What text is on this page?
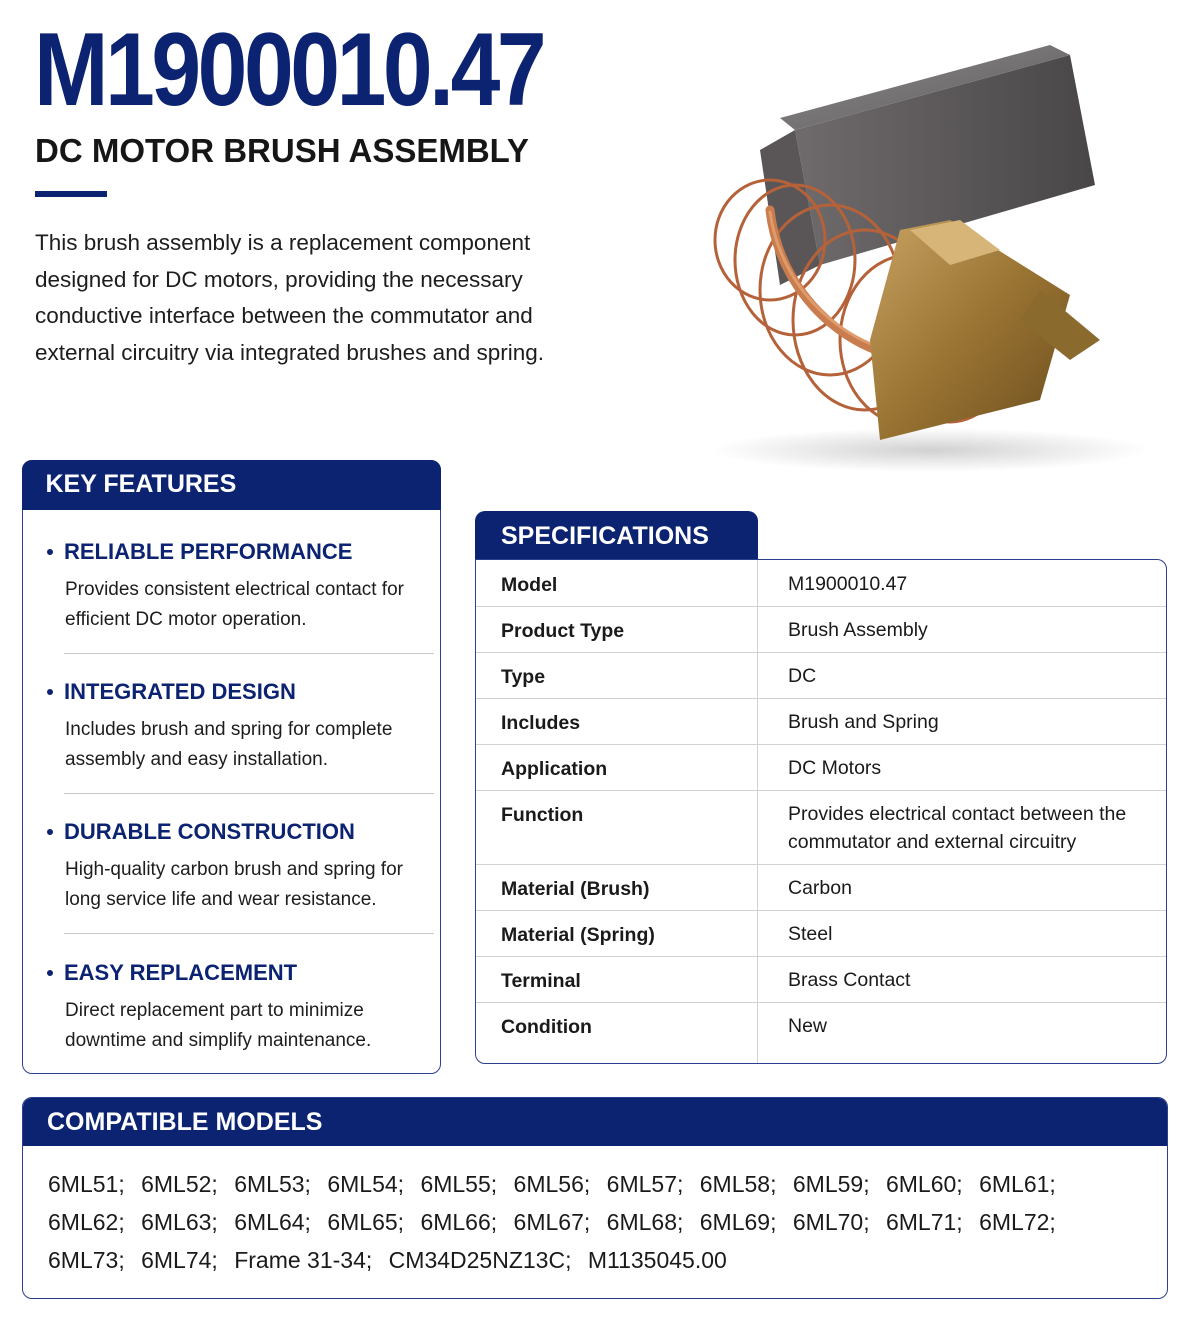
M1900010.47
DC MOTOR BRUSH ASSEMBLY

This brush assembly is a replacement component designed for DC motors, providing the necessary conductive interface between the commutator and external circuitry via integrated brushes and spring.

KEY FEATURES
RELIABLE PERFORMANCE
Provides consistent electrical contact for efficient DC motor operation.
INTEGRATED DESIGN
Includes brush and spring for complete assembly and easy installation.
DURABLE CONSTRUCTION
High-quality carbon brush and spring for long service life and wear resistance.
EASY REPLACEMENT
Direct replacement part to minimize downtime and simplify maintenance.
SPECIFICATIONS
Model	M1900010.47
Product Type	Brush Assembly
Type	DC
Includes	Brush and Spring
Application	DC Motors
Function	Provides electrical contact between the commutator and external circuitry
Material (Brush)	Carbon
Material (Spring)	Steel
Terminal	Brass Contact
Condition	New
COMPATIBLE MODELS
6ML51; 6ML52; 6ML53; 6ML54; 6ML55; 6ML56; 6ML57; 6ML58; 6ML59; 6ML60; 6ML61; 6ML62; 6ML63; 6ML64; 6ML65; 6ML66; 6ML67; 6ML68; 6ML69; 6ML70; 6ML71; 6ML72; 6ML73; 6ML74; Frame 31-34; CM34D25NZ13C; M1135045.00
